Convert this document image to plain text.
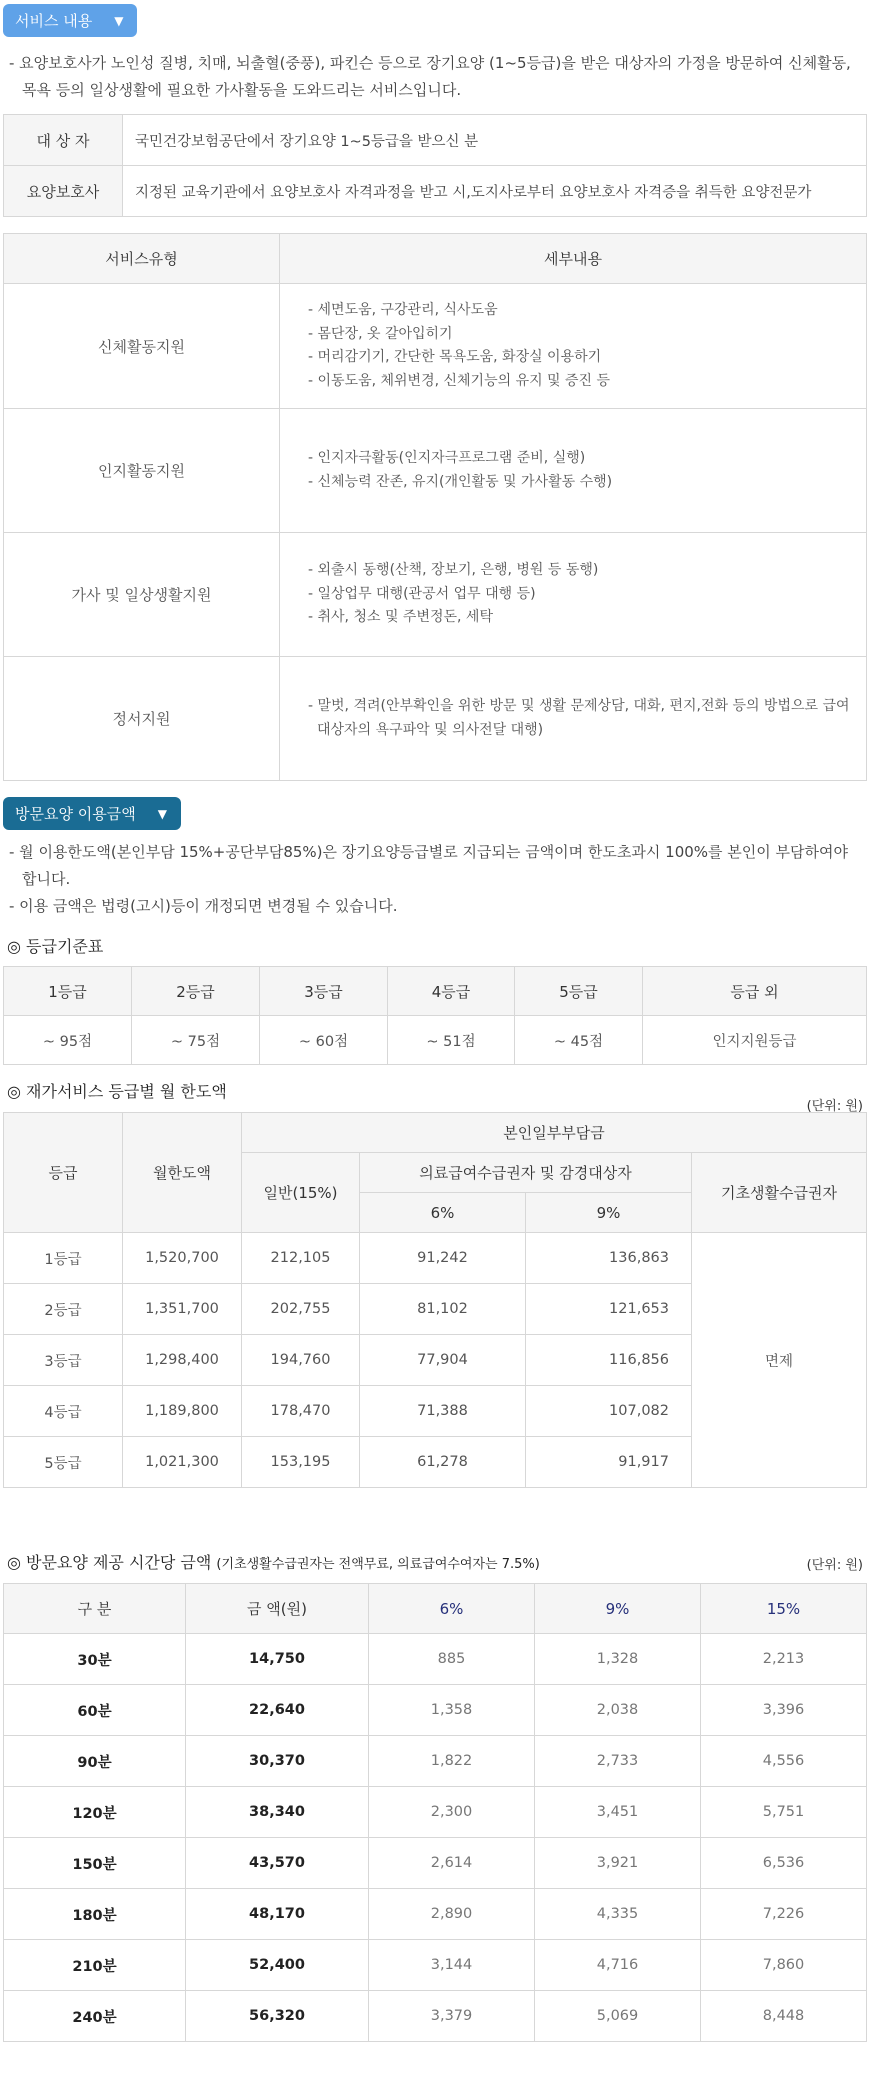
서비스 내용 ▼

- 요양보호사가 노인성 질병, 치매, 뇌출혈(중풍), 파킨슨 등으로 장기요양 (1~5등급)을 받은 대상자의 가정을 방문하여 신체활동, 목욕 등의 일상생활에 필요한 가사활동을 도와드리는 서비스입니다.

대 상 자	국민건강보험공단에서 장기요양 1~5등급을 받으신 분
요양보호사	지정된 교육기관에서 요양보호사 자격과정을 받고 시,도지사로부터 요양보호사 자격증을 취득한 요양전문가
서비스유형	세부내용
신체활동지원	- 세면도움, 구강관리, 식사도움
- 몸단장, 옷 갈아입히기
- 머리감기기, 간단한 목욕도움, 화장실 이용하기
- 이동도움, 체위변경, 신체기능의 유지 및 증진 등

인지활동지원	- 인지자극활동(인지자극프로그램 준비, 실행)
- 신체능력 잔존, 유지(개인활동 및 가사활동 수행)

가사 및 일상생활지원	- 외출시 동행(산책, 장보기, 은행, 병원 등 동행)
- 일상업무 대행(관공서 업무 대행 등)
- 취사, 청소 및 주변정돈, 세탁

정서지원	- 말벗, 격려(안부확인을 위한 방문 및 생활 문제상담, 대화, 편지,전화 등의 방법으로 급여 대상자의 욕구파악 및 의사전달 대행)
방문요양 이용금액 ▼

- 월 이용한도액(본인부담 15%+공단부담85%)은 장기요양등급별로 지급되는 금액이며 한도초과시 100%를 본인이 부담하여야 합니다.

- 이용 금액은 법령(고시)등이 개정되면 변경될 수 있습니다.

◎ 등급기준표
1등급	2등급	3등급	4등급	5등급	등급 외
~ 95점	~ 75점	~ 60점	~ 51점	~ 45점	인지지원등급
◎ 재가서비스 등급별 월 한도액
(단위: 원)
등급	월한도액	본인일부부담금			
		일반(15%)	의료급여수급권자 및 감경대상자		기초생활수급권자
			6%	9%	
1등급	1,520,700	212,105	91,242	136,863	면제
2등급	1,351,700	202,755	81,102	121,653	
3등급	1,298,400	194,760	77,904	116,856	
4등급	1,189,800	178,470	71,388	107,082	
5등급	1,021,300	153,195	61,278	91,917	
◎ 방문요양 제공 시간당 금액 (기초생활수급권자는 전액무료, 의료급여수여자는 7.5%)	(단위: 원)
구 분	금 액(원)	6%	9%	15%
30분	14,750	885	1,328	2,213
60분	22,640	1,358	2,038	3,396
90분	30,370	1,822	2,733	4,556
120분	38,340	2,300	3,451	5,751
150분	43,570	2,614	3,921	6,536
180분	48,170	2,890	4,335	7,226
210분	52,400	3,144	4,716	7,860
240분	56,320	3,379	5,069	8,448
